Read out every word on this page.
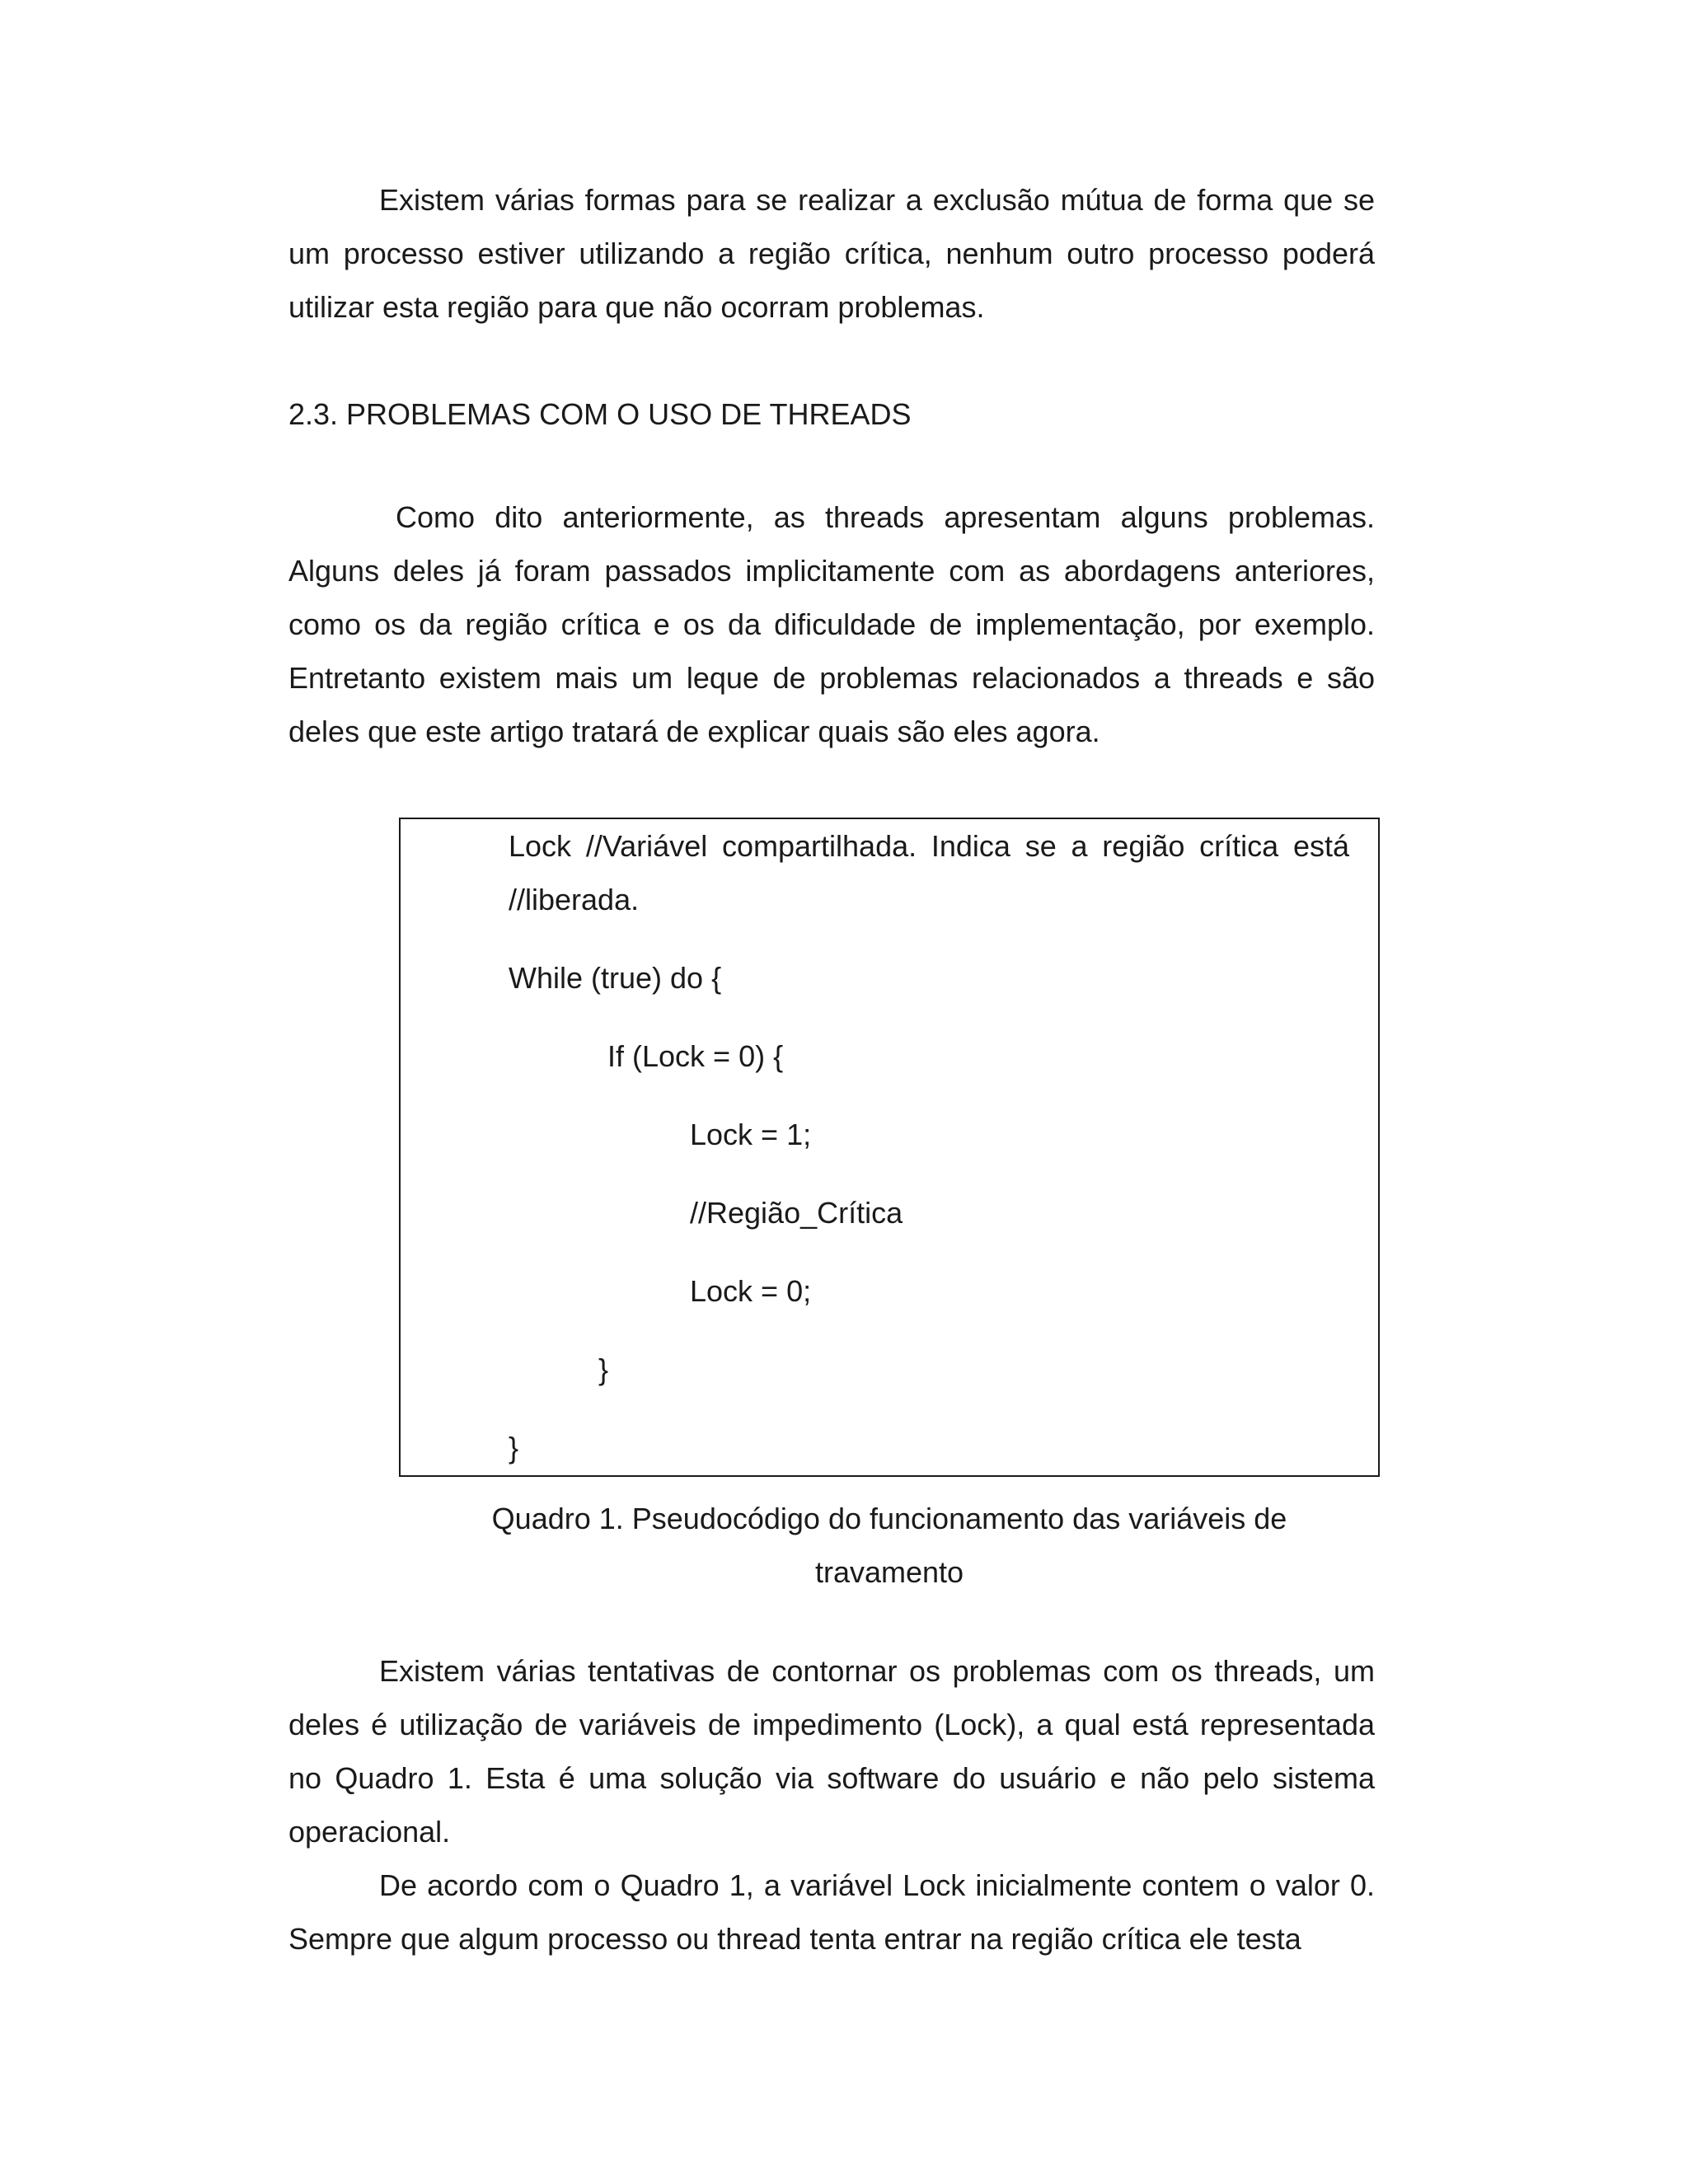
Existem várias formas para se realizar a exclusão mútua de forma que se um processo estiver utilizando a região crítica, nenhum outro processo poderá utilizar esta região para que não ocorram problemas.

2.3. PROBLEMAS COM O USO DE THREADS

Como dito anteriormente, as threads apresentam alguns problemas. Alguns deles já foram passados implicitamente com as abordagens anteriores, como os da região crítica e os da dificuldade de implementação, por exemplo. Entretanto existem mais um leque de problemas relacionados a threads e são deles que este artigo tratará de explicar quais são eles agora.

Lock //Variável compartilhada. Indica se a região crítica está //liberada.

While (true) do {

If (Lock = 0) {

Lock = 1;

//Região_Crítica

Lock = 0;

}

}

Quadro 1. Pseudocódigo do funcionamento das variáveis de
travamento

Existem várias tentativas de contornar os problemas com os threads, um deles é utilização de variáveis de impedimento (Lock), a qual está representada no Quadro 1. Esta é uma solução via software do usuário e não pelo sistema operacional.

De acordo com o Quadro 1, a variável Lock inicialmente contem o valor 0. Sempre que algum processo ou thread tenta entrar na região crítica ele testa
